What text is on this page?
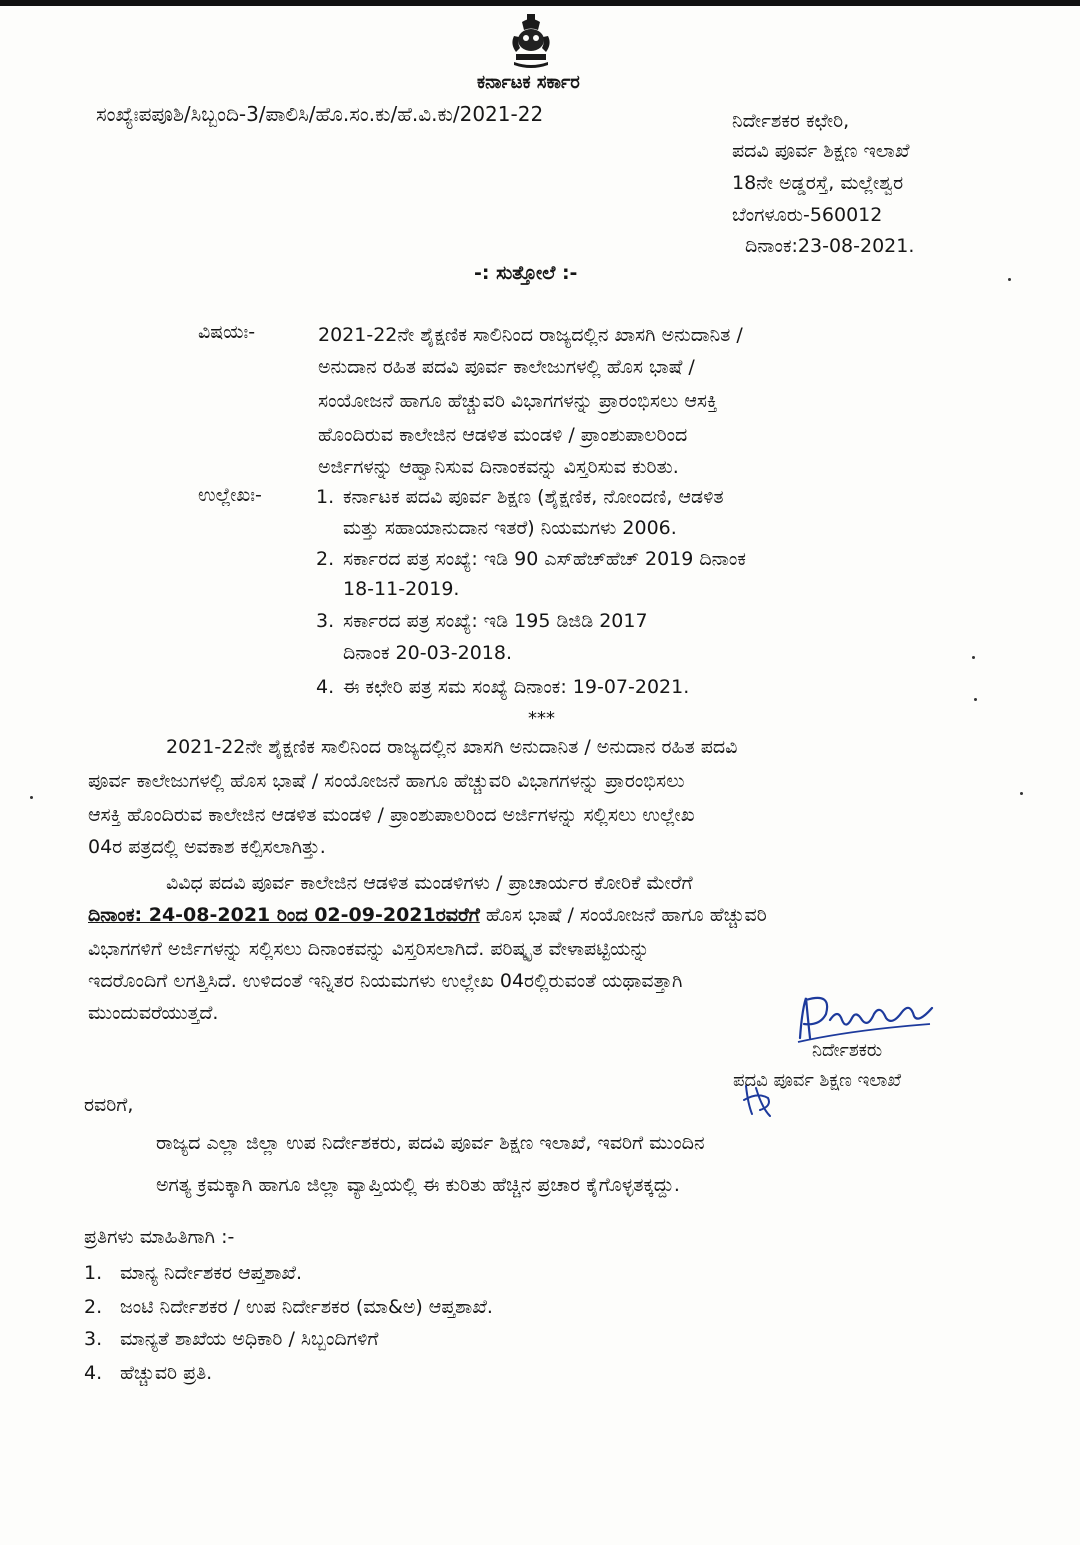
ಕರ್ನಾಟಕ ಸರ್ಕಾರ
ಸಂಖ್ಯೆಃಪಪೂಶಿ/ಸಿಬ್ಬಂದಿ-3/ಪಾಲಿಸಿ/ಹೊ.ಸಂ.ಕು/ಹೆ.ವಿ.ಕು/2021-22	ನಿರ್ದೇಶಕರ ಕಛೇರಿ,
ಪದವಿ ಪೂರ್ವ ಶಿಕ್ಷಣ ಇಲಾಖೆ
18ನೇ ಅಡ್ಡರಸ್ತೆ, ಮಲ್ಲೇಶ್ವರ
ಬೆಂಗಳೂರು-560012
ದಿನಾಂಕ:23-08-2021.
-: ಸುತ್ತೋಲೆ :-
ವಿಷಯಃ-	2021-22ನೇ ಶೈಕ್ಷಣಿಕ ಸಾಲಿನಿಂದ ರಾಜ್ಯದಲ್ಲಿನ ಖಾಸಗಿ ಅನುದಾನಿತ /
ಅನುದಾನ ರಹಿತ ಪದವಿ ಪೂರ್ವ ಕಾಲೇಜುಗಳಲ್ಲಿ ಹೊಸ ಭಾಷೆ /
ಸಂಯೋಜನೆ ಹಾಗೂ ಹೆಚ್ಚುವರಿ ವಿಭಾಗಗಳನ್ನು ಪ್ರಾರಂಭಿಸಲು ಆಸಕ್ತಿ
ಹೊಂದಿರುವ ಕಾಲೇಜಿನ ಆಡಳಿತ ಮಂಡಳಿ / ಪ್ರಾಂಶುಪಾಲರಿಂದ
ಅರ್ಜಿಗಳನ್ನು ಆಹ್ವಾನಿಸುವ ದಿನಾಂಕವನ್ನು ವಿಸ್ತರಿಸುವ ಕುರಿತು.
ಉಲ್ಲೇಖಃ-	1. ಕರ್ನಾಟಕ ಪದವಿ ಪೂರ್ವ ಶಿಕ್ಷಣ (ಶೈಕ್ಷಣಿಕ, ನೋಂದಣಿ, ಆಡಳಿತ
ಮತ್ತು ಸಹಾಯಾನುದಾನ ಇತರೆ) ನಿಯಮಗಳು 2006.
2. ಸರ್ಕಾರದ ಪತ್ರ ಸಂಖ್ಯೆ: ಇಡಿ 90 ಎಸ್‌ಹೆಚ್‌ಹೆಚ್ 2019 ದಿನಾಂಕ
18-11-2019.
3. ಸರ್ಕಾರದ ಪತ್ರ ಸಂಖ್ಯೆ: ಇಡಿ 195 ಡಿಜಿಡಿ 2017
ದಿನಾಂಕ 20-03-2018.
4. ಈ ಕಛೇರಿ ಪತ್ರ ಸಮ ಸಂಖ್ಯೆ ದಿನಾಂಕ: 19-07-2021.
***
2021-22ನೇ ಶೈಕ್ಷಣಿಕ ಸಾಲಿನಿಂದ ರಾಜ್ಯದಲ್ಲಿನ ಖಾಸಗಿ ಅನುದಾನಿತ / ಅನುದಾನ ರಹಿತ ಪದವಿ
ಪೂರ್ವ ಕಾಲೇಜುಗಳಲ್ಲಿ ಹೊಸ ಭಾಷೆ / ಸಂಯೋಜನೆ ಹಾಗೂ ಹೆಚ್ಚುವರಿ ವಿಭಾಗಗಳನ್ನು ಪ್ರಾರಂಭಿಸಲು
ಆಸಕ್ತಿ ಹೊಂದಿರುವ ಕಾಲೇಜಿನ ಆಡಳಿತ ಮಂಡಳಿ / ಪ್ರಾಂಶುಪಾಲರಿಂದ ಅರ್ಜಿಗಳನ್ನು ಸಲ್ಲಿಸಲು ಉಲ್ಲೇಖ
04ರ ಪತ್ರದಲ್ಲಿ ಅವಕಾಶ ಕಲ್ಪಿಸಲಾಗಿತ್ತು.
ವಿವಿಧ ಪದವಿ ಪೂರ್ವ ಕಾಲೇಜಿನ ಆಡಳಿತ ಮಂಡಳಿಗಳು / ಪ್ರಾಚಾರ್ಯರ ಕೋರಿಕೆ ಮೇರೆಗೆ
ದಿನಾಂಕ: 24-08-2021 ರಿಂದ 02-09-2021ರವರೆಗೆ ಹೊಸ ಭಾಷೆ / ಸಂಯೋಜನೆ ಹಾಗೂ ಹೆಚ್ಚುವರಿ
ವಿಭಾಗಗಳಿಗೆ ಅರ್ಜಿಗಳನ್ನು ಸಲ್ಲಿಸಲು ದಿನಾಂಕವನ್ನು ವಿಸ್ತರಿಸಲಾಗಿದೆ. ಪರಿಷ್ಕೃತ ವೇಳಾಪಟ್ಟಿಯನ್ನು
ಇದರೊಂದಿಗೆ ಲಗತ್ತಿಸಿದೆ. ಉಳಿದಂತೆ ಇನ್ನಿತರ ನಿಯಮಗಳು ಉಲ್ಲೇಖ 04ರಲ್ಲಿರುವಂತೆ ಯಥಾವತ್ತಾಗಿ
ಮುಂದುವರೆಯುತ್ತದೆ.
ನಿರ್ದೇಶಕರು
ಪದವಿ ಪೂರ್ವ ಶಿಕ್ಷಣ ಇಲಾಖೆ
ರವರಿಗೆ,
ರಾಜ್ಯದ ಎಲ್ಲಾ ಜಿಲ್ಲಾ ಉಪ ನಿರ್ದೇಶಕರು, ಪದವಿ ಪೂರ್ವ ಶಿಕ್ಷಣ ಇಲಾಖೆ, ಇವರಿಗೆ ಮುಂದಿನ
ಅಗತ್ಯ ಕ್ರಮಕ್ಕಾಗಿ ಹಾಗೂ ಜಿಲ್ಲಾ ವ್ಯಾಪ್ತಿಯಲ್ಲಿ ಈ ಕುರಿತು ಹೆಚ್ಚಿನ ಪ್ರಚಾರ ಕೈಗೊಳ್ಳತಕ್ಕದ್ದು.
ಪ್ರತಿಗಳು ಮಾಹಿತಿಗಾಗಿ :-
1. ಮಾನ್ಯ ನಿರ್ದೇಶಕರ ಆಪ್ತಶಾಖೆ.
2. ಜಂಟಿ ನಿರ್ದೇಶಕರ / ಉಪ ನಿರ್ದೇಶಕರ (ಮಾ&ಅ) ಆಪ್ತಶಾಖೆ.
3. ಮಾನ್ಯತೆ ಶಾಖೆಯ ಅಧಿಕಾರಿ / ಸಿಬ್ಬಂದಿಗಳಿಗೆ
4. ಹೆಚ್ಚುವರಿ ಪ್ರತಿ.
